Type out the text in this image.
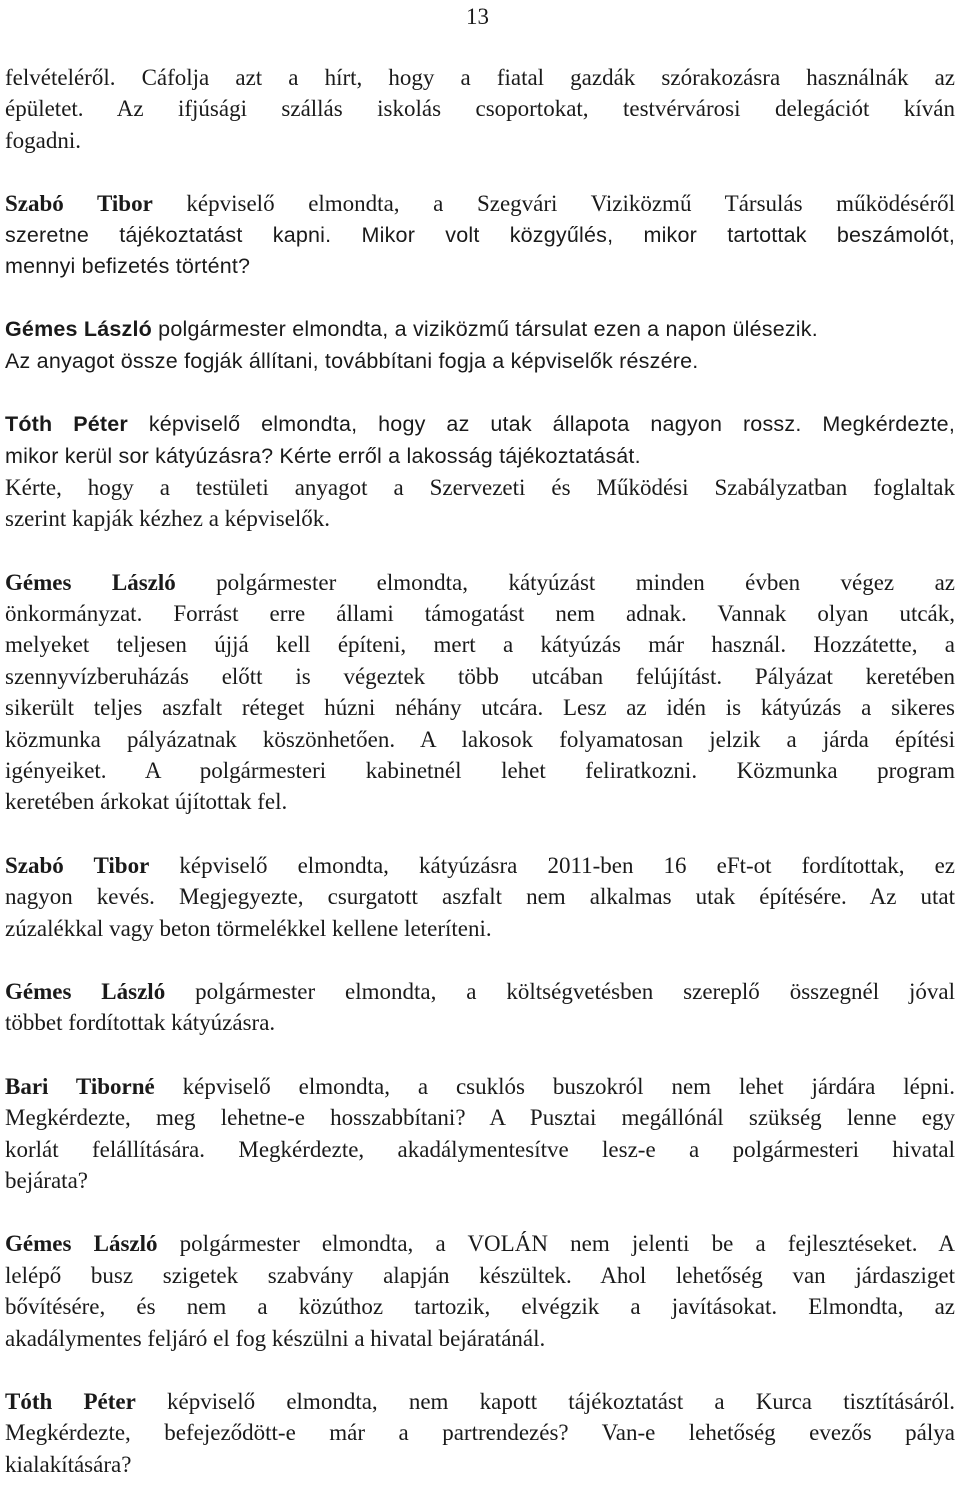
13
felvételéről. Cáfolja azt a hírt, hogy a fiatal gazdák szórakozásra használnák az
épületet. Az ifjúsági szállás iskolás csoportokat, testvérvárosi delegációt kíván
fogadni.
Szabó Tibor képviselő elmondta, a Szegvári Viziközmű Társulás működéséről
szeretne tájékoztatást kapni. Mikor volt közgyűlés, mikor tartottak beszámolót,
mennyi befizetés történt?
Gémes László polgármester elmondta, a viziközmű társulat ezen a napon ülésezik.
Az anyagot össze fogják állítani, továbbítani fogja a képviselők részére.
Tóth Péter képviselő elmondta, hogy az utak állapota nagyon rossz. Megkérdezte,
mikor kerül sor kátyúzásra? Kérte erről a lakosság tájékoztatását.
Kérte, hogy a testületi anyagot a Szervezeti és Működési Szabályzatban foglaltak
szerint kapják kézhez a képviselők.
Gémes László polgármester elmondta, kátyúzást minden évben végez az
önkormányzat. Forrást erre állami támogatást nem adnak. Vannak olyan utcák,
melyeket teljesen újjá kell építeni, mert a kátyúzás már használ. Hozzátette, a
szennyvízberuházás előtt is végeztek több utcában felújítást. Pályázat keretében
sikerült teljes aszfalt réteget húzni néhány utcára. Lesz az idén is kátyúzás a sikeres
közmunka pályázatnak köszönhetően. A lakosok folyamatosan jelzik a járda építési
igényeiket. A polgármesteri kabinetnél lehet feliratkozni. Közmunka program
keretében árkokat újítottak fel.
Szabó Tibor képviselő elmondta, kátyúzásra 2011-ben 16 eFt-ot fordítottak, ez
nagyon kevés. Megjegyezte, csurgatott aszfalt nem alkalmas utak építésére. Az utat
zúzalékkal vagy beton törmelékkel kellene leteríteni.
Gémes László polgármester elmondta, a költségvetésben szereplő összegnél jóval
többet fordítottak kátyúzásra.
Bari Tiborné képviselő elmondta, a csuklós buszokról nem lehet járdára lépni.
Megkérdezte, meg lehetne-e hosszabbítani? A Pusztai megállónál szükség lenne egy
korlát felállítására. Megkérdezte, akadálymentesítve lesz-e a polgármesteri hivatal
bejárata?
Gémes László polgármester elmondta, a VOLÁN nem jelenti be a fejlesztéseket. A
lelépő busz szigetek szabvány alapján készültek. Ahol lehetőség van járdasziget
bővítésére, és nem a közúthoz tartozik, elvégzik a javításokat. Elmondta, az
akadálymentes feljáró el fog készülni a hivatal bejáratánál.
Tóth Péter képviselő elmondta, nem kapott tájékoztatást a Kurca tisztításáról.
Megkérdezte, befejeződött-e már a partrendezés? Van-e lehetőség evezős pálya
kialakítására?
